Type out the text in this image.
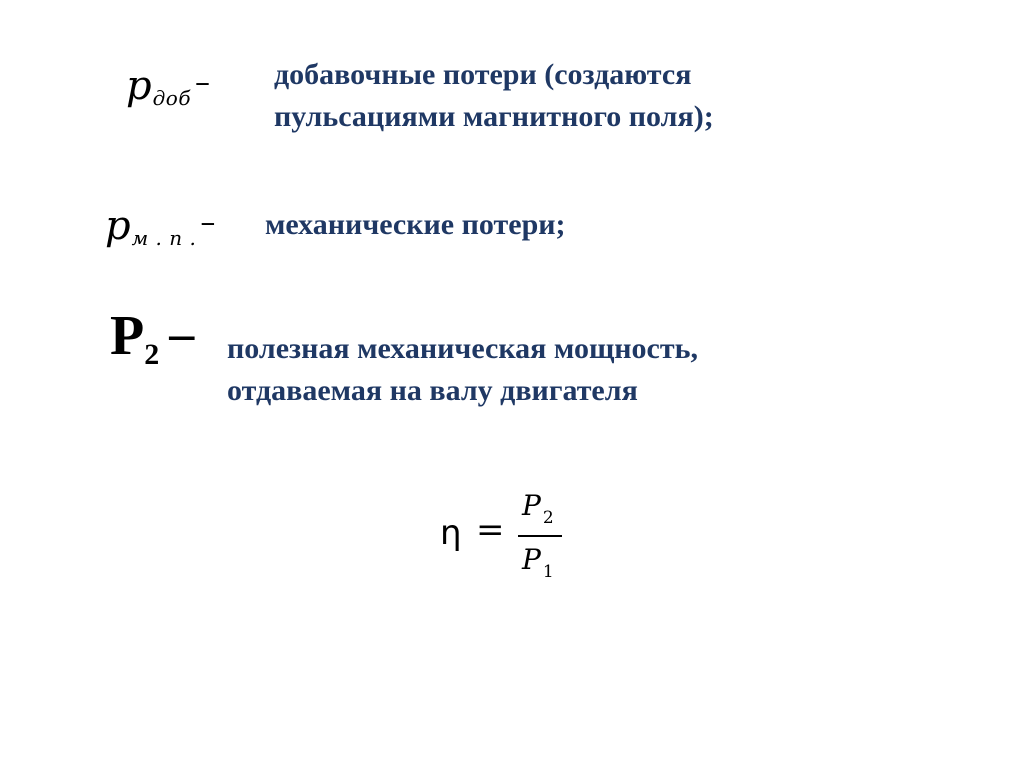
pдоб – добавочные потери (создаются
пульсациями магнитного поля);

pм . п . – механические потери;

P2 – полезная механическая мощность,
отдаваемая на валу двигателя

η =
P $_2$
P $_1$
